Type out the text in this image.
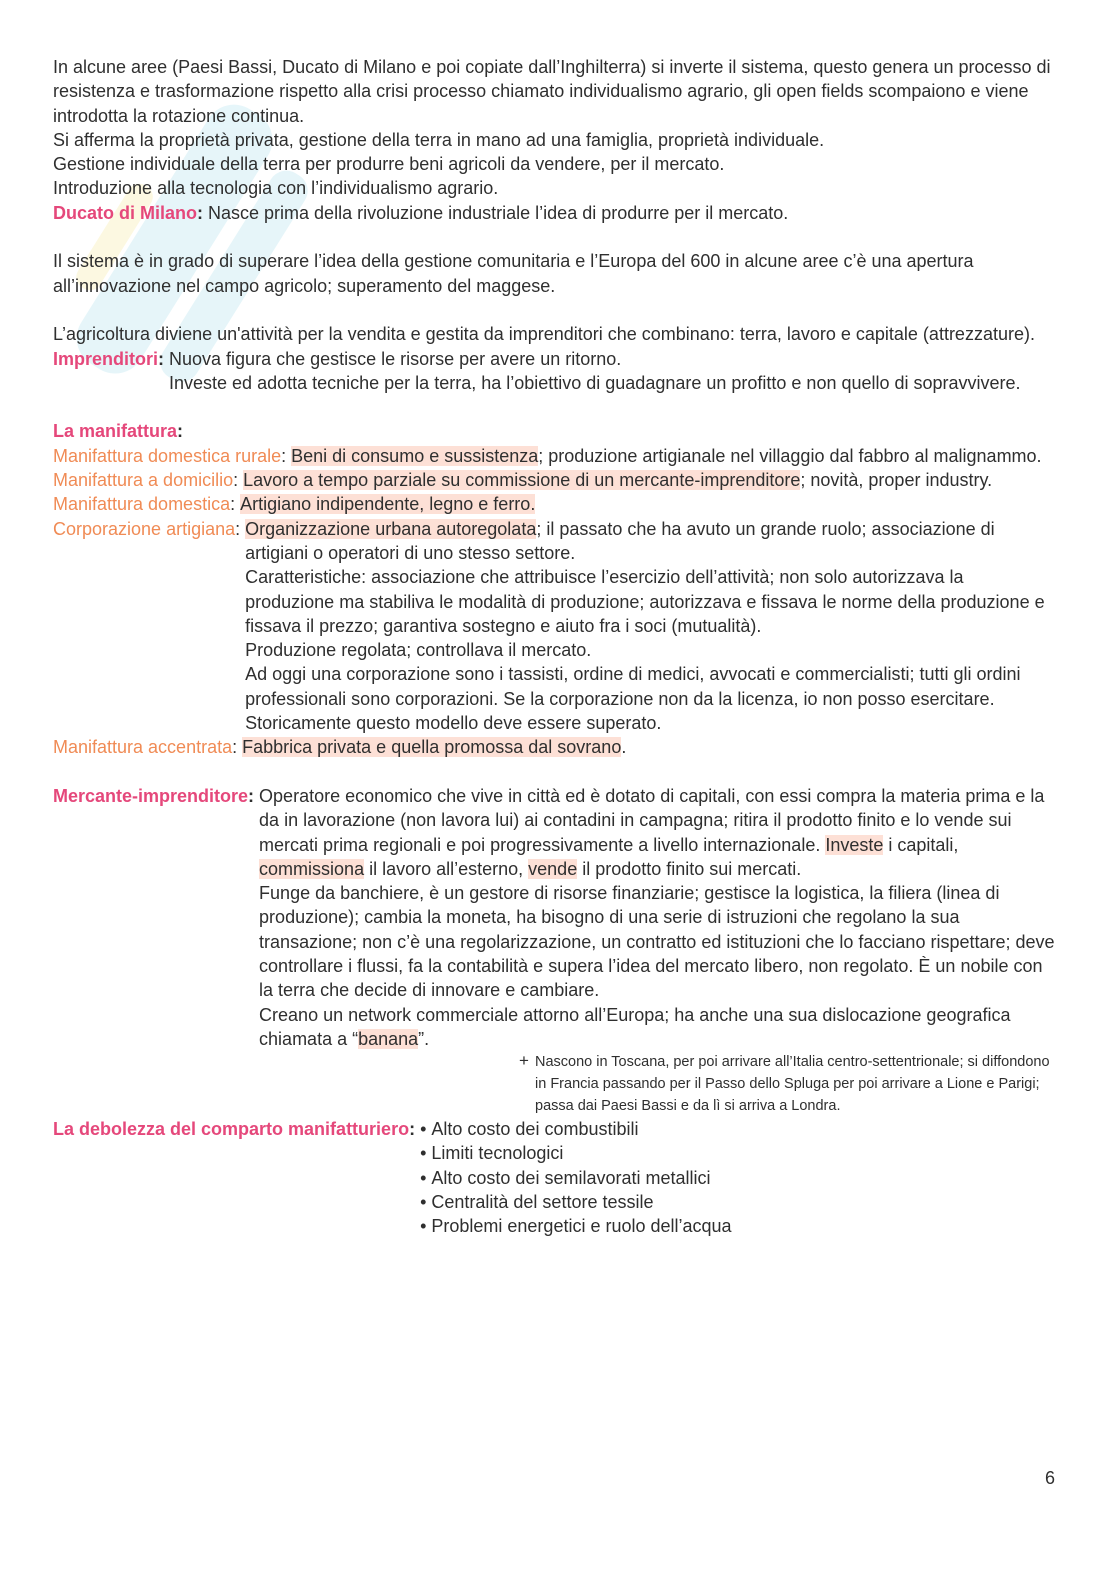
In alcune aree (Paesi Bassi, Ducato di Milano e poi copiate dall’Inghilterra) si inverte il sistema, questo genera un processo di resistenza e trasformazione rispetto alla crisi processo chiamato individualismo agrario, gli open fields scompaiono e viene introdotta la rotazione continua.

Si afferma la proprietà privata, gestione della terra in mano ad una famiglia, proprietà individuale.

Gestione individuale della terra per produrre beni agricoli da vendere, per il mercato.

Introduzione alla tecnologia con l’individualismo agrario.

Ducato di Milano: Nasce prima della rivoluzione industriale l’idea di produrre per il mercato.

Il sistema è in grado di superare l’idea della gestione comunitaria e l’Europa del 600 in alcune aree c’è una apertura all’innovazione nel campo agricolo; superamento del maggese.

L’agricoltura diviene un'attività per la vendita e gestita da imprenditori che combinano: terra, lavoro e capitale (attrezzature).

Imprenditori: Nuova figura che gestisce le risorse per avere un ritorno.

Investe ed adotta tecniche per la terra, ha l’obiettivo di guadagnare un profitto e non quello di sopravvivere.

La manifattura:

Manifattura domestica rurale: Beni di consumo e sussistenza; produzione artigianale nel villaggio dal fabbro al malignammo.

Manifattura a domicilio: Lavoro a tempo parziale su commissione di un mercante-imprenditore; novità, proper industry.

Manifattura domestica: Artigiano indipendente, legno e ferro.

Corporazione artigiana: Organizzazione urbana autoregolata; il passato che ha avuto un grande ruolo; associazione di artigiani o operatori di uno stesso settore.

Caratteristiche: associazione che attribuisce l’esercizio dell’attività; non solo autorizzava la produzione ma stabiliva le modalità di produzione; autorizzava e fissava le norme della produzione e fissava il prezzo; garantiva sostegno e aiuto fra i soci (mutualità).

Produzione regolata; controllava il mercato.

Ad oggi una corporazione sono i tassisti, ordine di medici, avvocati e commercialisti; tutti gli ordini professionali sono corporazioni. Se la corporazione non da la licenza, io non posso esercitare. Storicamente questo modello deve essere superato.

Manifattura accentrata: Fabbrica privata e quella promossa dal sovrano.

Mercante-imprenditore: Operatore economico che vive in città ed è dotato di capitali, con essi compra la materia prima e la da in lavorazione (non lavora lui) ai contadini in campagna; ritira il prodotto finito e lo vende sui mercati prima regionali e poi progressivamente a livello internazionale. Investe i capitali, commissiona il lavoro all’esterno, vende il prodotto finito sui mercati.

Funge da banchiere, è un gestore di risorse finanziarie; gestisce la logistica, la filiera (linea di produzione); cambia la moneta, ha bisogno di una serie di istruzioni che regolano la sua transazione; non c’è una regolarizzazione, un contratto ed istituzioni che lo facciano rispettare; deve controllare i flussi, fa la contabilità e supera l’idea del mercato libero, non regolato. È un nobile con la terra che decide di innovare e cambiare.

Creano un network commerciale attorno all’Europa; ha anche una sua dislocazione geografica chiamata a “banana”.

+ Nascono in Toscana, per poi arrivare all’Italia centro-settentrionale; si diffondono in Francia passando per il Passo dello Spluga per poi arrivare a Lione e Parigi; passa dai Paesi Bassi e da lì si arriva a Londra.
La debolezza del comparto manifatturiero: • Alto costo dei combustibili
• Limiti tecnologici
• Alto costo dei semilavorati metallici
• Centralità del settore tessile
• Problemi energetici e ruolo dell’acqua
6
